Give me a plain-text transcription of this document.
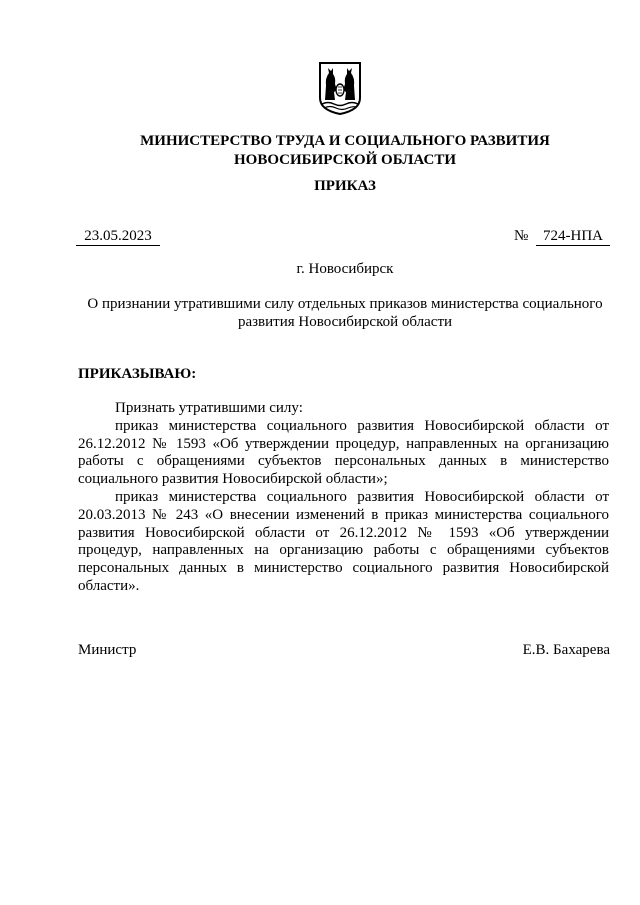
МИНИСТЕРСТВО ТРУДА И СОЦИАЛЬНОГО РАЗВИТИЯ
НОВОСИБИРСКОЙ ОБЛАСТИ
ПРИКАЗ
23.05.2023	№ 724-НПА
г. Новосибирск
О признании утратившими силу отдельных приказов министерства социального развития Новосибирской области
ПРИКАЗЫВАЮ:

Признать утратившими силу:

приказ министерства социального развития Новосибирской области от 26.12.2012 № 1593 «Об утверждении процедур, направленных на организацию работы с обращениями субъектов персональных данных в министерство социального развития Новосибирской области»;

приказ министерства социального развития Новосибирской области от 20.03.2013 № 243 «О внесении изменений в приказ министерства социального развития Новосибирской области от 26.12.2012 № 1593 «Об утверждении процедур, направленных на организацию работы с обращениями субъектов персональных данных в министерство социального развития Новосибирской области».

Министр	Е.В. Бахарева
